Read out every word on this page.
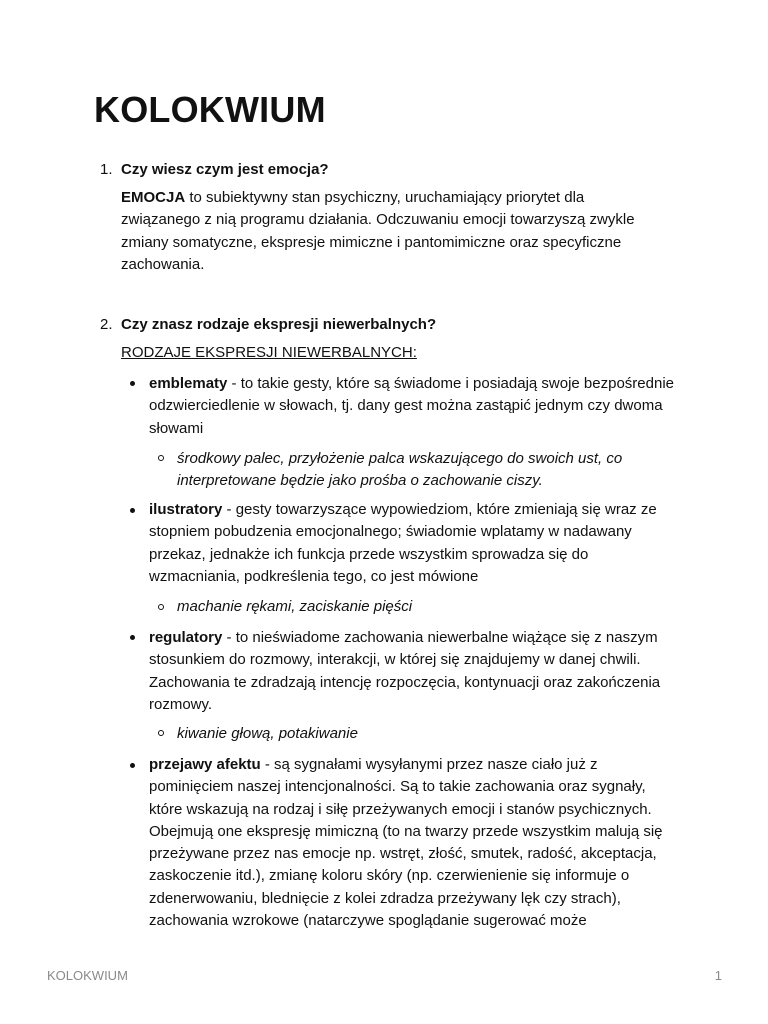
KOLOKWIUM
1. Czy wiesz czym jest emocja?
EMOCJA to subiektywny stan psychiczny, uruchamiający priorytet dla związanego z nią programu działania. Odczuwaniu emocji towarzyszą zwykle zmiany somatyczne, ekspresje mimiczne i pantomimiczne oraz specyficzne zachowania.
2. Czy znasz rodzaje ekspresji niewerbalnych?
RODZAJE EKSPRESJI NIEWERBALNYCH:
emblematy - to takie gesty, które są świadome i posiadają swoje bezpośrednie odzwierciedlenie w słowach, tj. dany gest można zastąpić jednym czy dwoma słowami
środkowy palec, przyłożenie palca wskazującego do swoich ust, co interpretowane będzie jako prośba o zachowanie ciszy.
ilustratory - gesty towarzyszące wypowiedziom, które zmieniają się wraz ze stopniem pobudzenia emocjonalnego; świadomie wplatamy w nadawany przekaz, jednakże ich funkcja przede wszystkim sprowadza się do wzmacniania, podkreślenia tego, co jest mówione
machanie rękami, zaciskanie pięści
regulatory - to nieświadome zachowania niewerbalne wiążące się z naszym stosunkiem do rozmowy, interakcji, w której się znajdujemy w danej chwili. Zachowania te zdradzają intencję rozpoczęcia, kontynuacji oraz zakończenia rozmowy.
kiwanie głową, potakiwanie
przejawy afektu - są sygnałami wysyłanymi przez nasze ciało już z pominięciem naszej intencjonalności. Są to takie zachowania oraz sygnały, które wskazują na rodzaj i siłę przeżywanych emocji i stanów psychicznych. Obejmują one ekspresję mimiczną (to na twarzy przede wszystkim malują się przeżywane przez nas emocje np. wstręt, złość, smutek, radość, akceptacja, zaskoczenie itd.), zmianę koloru skóry (np. czerwienienie się informuje o zdenerwowaniu, blednięcie z kolei zdradza przeżywany lęk czy strach), zachowania wzrokowe (natarczywe spoglądanie sugerować może
KOLOKWIUM	1
